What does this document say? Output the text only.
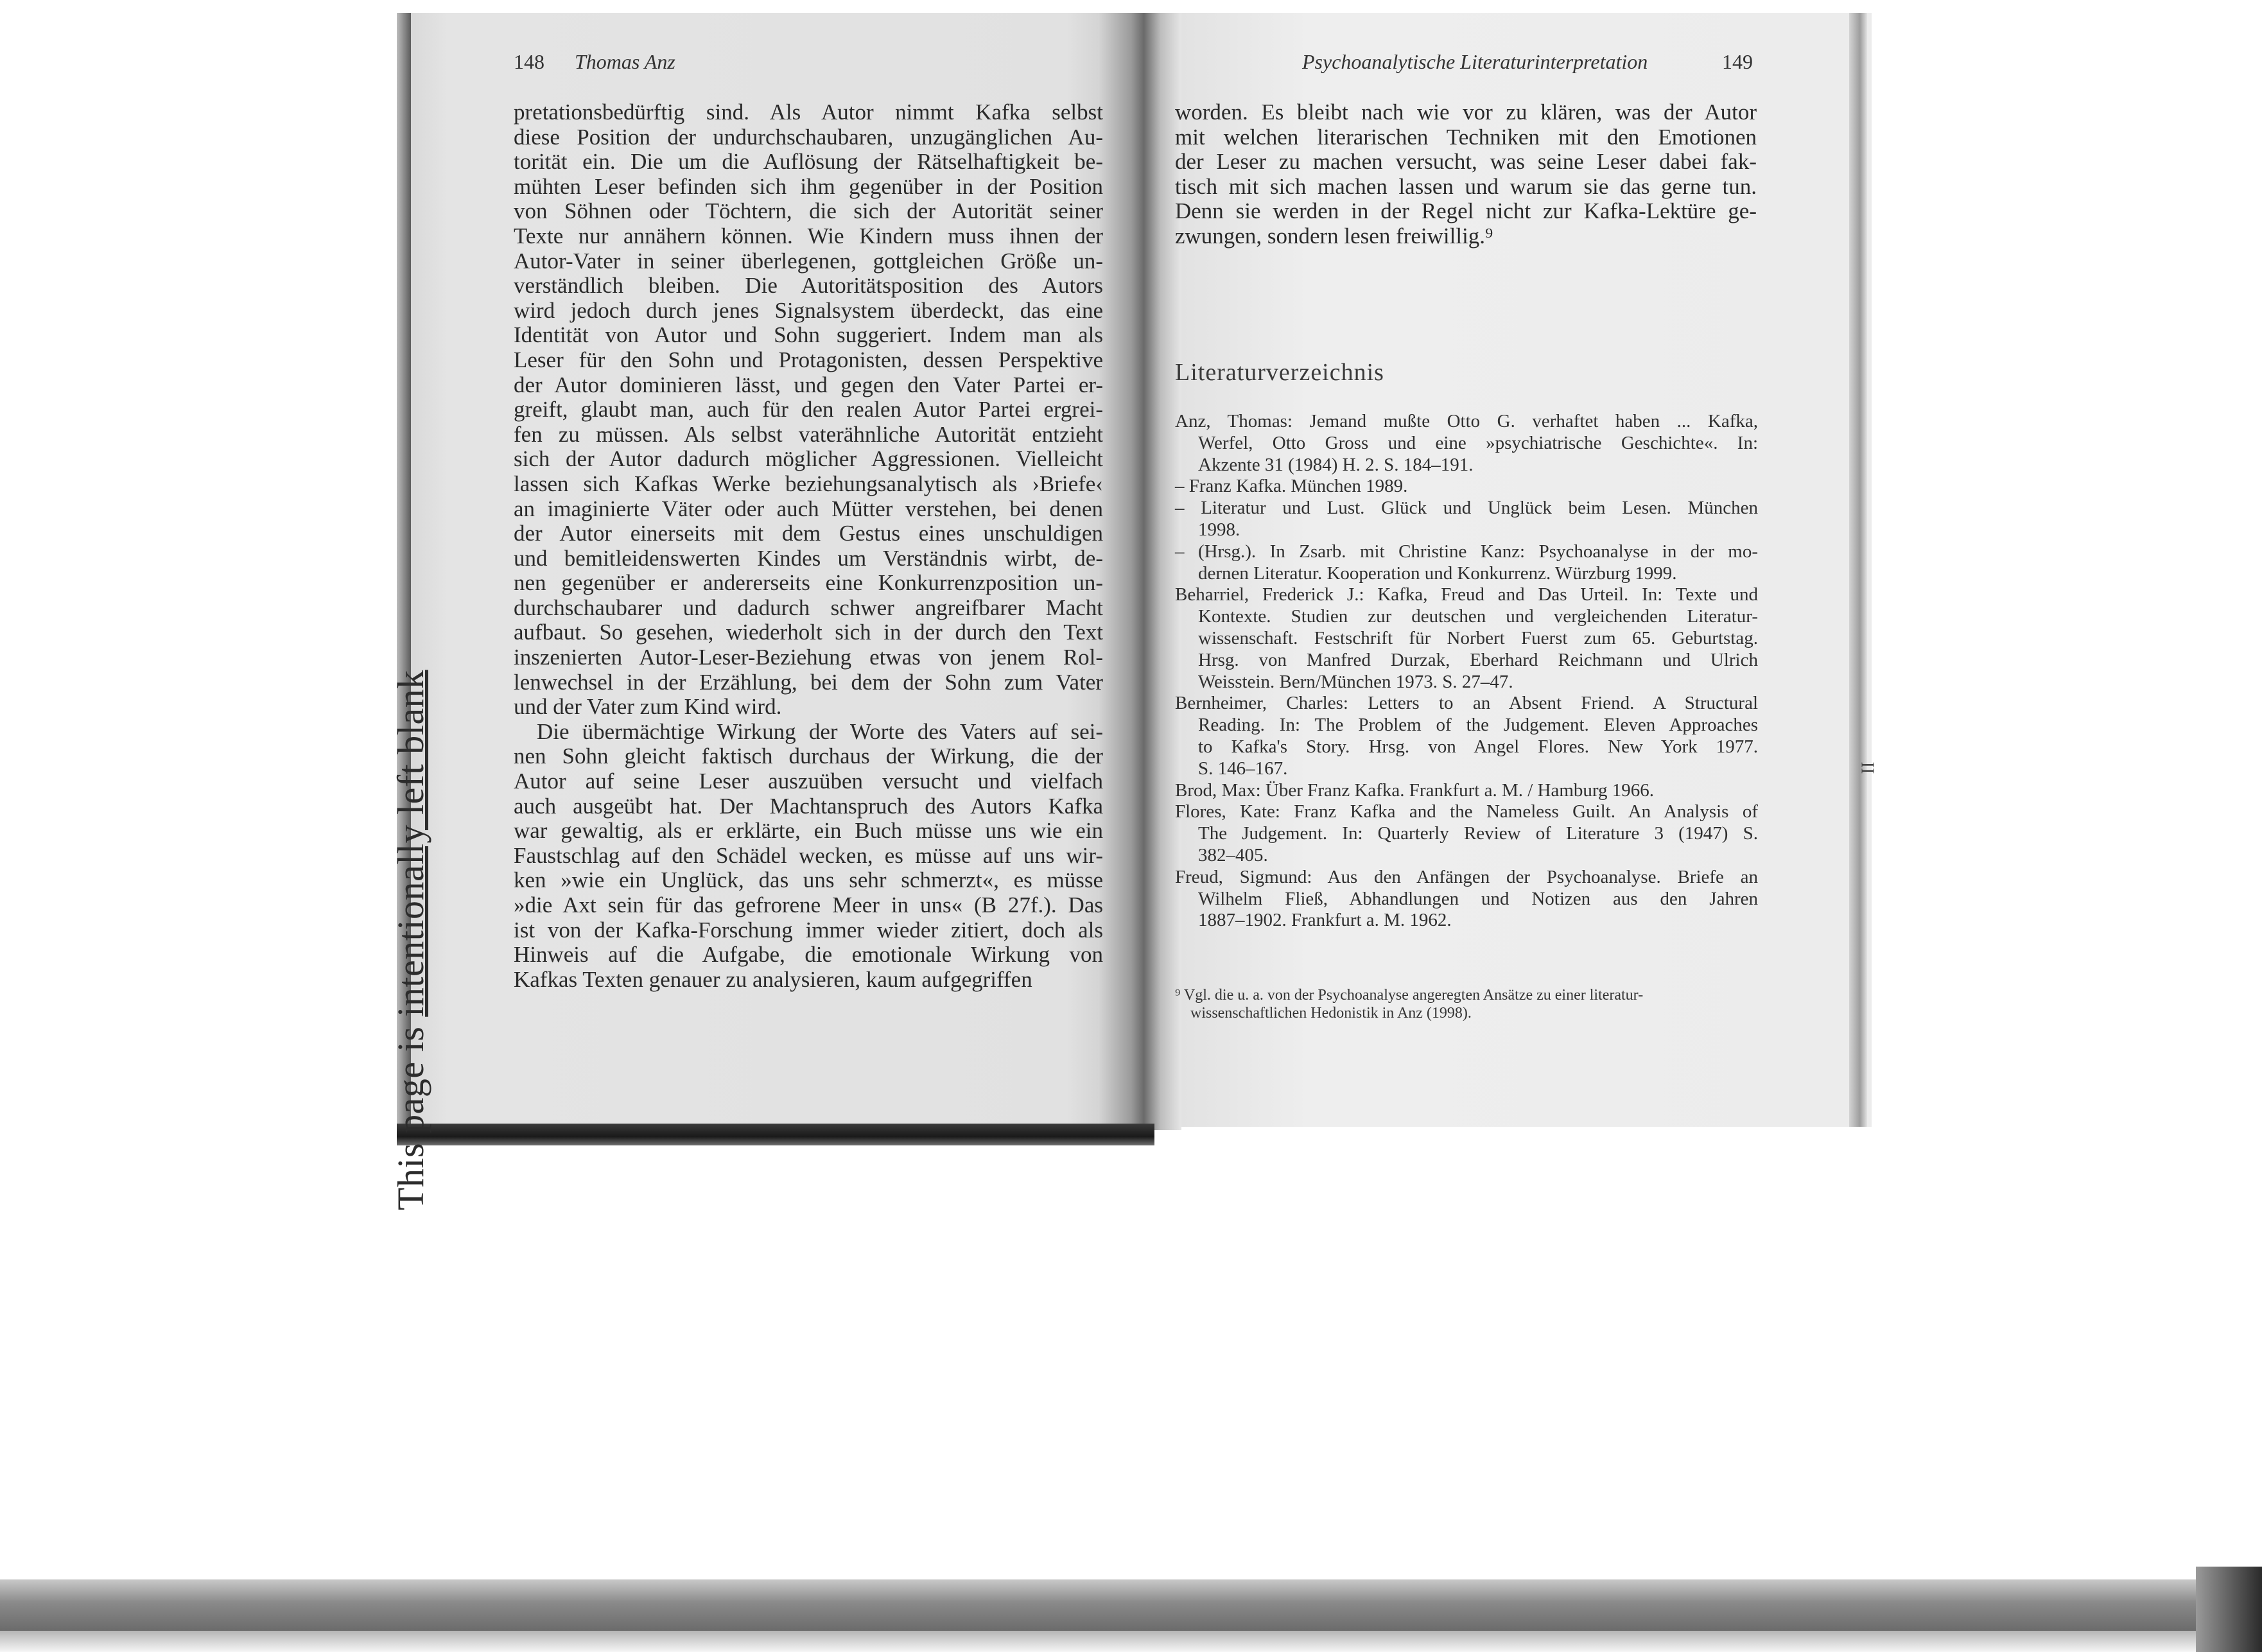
This page is intentionally left blank
148 Thomas Anz	Psychoanalytische Literaturinterpretation	149
pretationsbedürftig sind. Als Autor nimmt Kafka selbst
diese Position der undurchschaubaren, unzugänglichen Au-
torität ein. Die um die Auflösung der Rätselhaftigkeit be-
mühten Leser befinden sich ihm gegenüber in der Position
von Söhnen oder Töchtern, die sich der Autorität seiner
Texte nur annähern können. Wie Kindern muss ihnen der
Autor-Vater in seiner überlegenen, gottgleichen Größe un-
verständlich bleiben. Die Autoritätsposition des Autors
wird jedoch durch jenes Signalsystem überdeckt, das eine
Identität von Autor und Sohn suggeriert. Indem man als
Leser für den Sohn und Protagonisten, dessen Perspektive
der Autor dominieren lässt, und gegen den Vater Partei er-
greift, glaubt man, auch für den realen Autor Partei ergrei-
fen zu müssen. Als selbst vaterähnliche Autorität entzieht
sich der Autor dadurch möglicher Aggressionen. Vielleicht
lassen sich Kafkas Werke beziehungsanalytisch als ›Briefe‹
an imaginierte Väter oder auch Mütter verstehen, bei denen
der Autor einerseits mit dem Gestus eines unschuldigen
und bemitleidenswerten Kindes um Verständnis wirbt, de-
nen gegenüber er andererseits eine Konkurrenzposition un-
durchschaubarer und dadurch schwer angreifbarer Macht
aufbaut. So gesehen, wiederholt sich in der durch den Text
inszenierten Autor-Leser-Beziehung etwas von jenem Rol-
lenwechsel in der Erzählung, bei dem der Sohn zum Vater
und der Vater zum Kind wird.
Die übermächtige Wirkung der Worte des Vaters auf sei-
nen Sohn gleicht faktisch durchaus der Wirkung, die der
Autor auf seine Leser auszuüben versucht und vielfach
auch ausgeübt hat. Der Machtanspruch des Autors Kafka
war gewaltig, als er erklärte, ein Buch müsse uns wie ein
Faustschlag auf den Schädel wecken, es müsse auf uns wir-
ken »wie ein Unglück, das uns sehr schmerzt«, es müsse
»die Axt sein für das gefrorene Meer in uns« (B 27f.). Das
ist von der Kafka-Forschung immer wieder zitiert, doch als
Hinweis auf die Aufgabe, die emotionale Wirkung von
Kafkas Texten genauer zu analysieren, kaum aufgegriffen
worden. Es bleibt nach wie vor zu klären, was der Autor
mit welchen literarischen Techniken mit den Emotionen
der Leser zu machen versucht, was seine Leser dabei fak-
tisch mit sich machen lassen und warum sie das gerne tun.
Denn sie werden in der Regel nicht zur Kafka-Lektüre ge-
zwungen, sondern lesen freiwillig.⁹
Literaturverzeichnis
Anz, Thomas: Jemand mußte Otto G. verhaftet haben ... Kafka,
Werfel, Otto Gross und eine »psychiatrische Geschichte«. In:
Akzente 31 (1984) H. 2. S. 184–191.
– Franz Kafka. München 1989.
– Literatur und Lust. Glück und Unglück beim Lesen. München
1998.
– (Hrsg.). In Zsarb. mit Christine Kanz: Psychoanalyse in der mo-
dernen Literatur. Kooperation und Konkurrenz. Würzburg 1999.
Beharriel, Frederick J.: Kafka, Freud and Das Urteil. In: Texte und
Kontexte. Studien zur deutschen und vergleichenden Literatur-
wissenschaft. Festschrift für Norbert Fuerst zum 65. Geburtstag.
Hrsg. von Manfred Durzak, Eberhard Reichmann und Ulrich
Weisstein. Bern/München 1973. S. 27–47.
Bernheimer, Charles: Letters to an Absent Friend. A Structural
Reading. In: The Problem of the Judgement. Eleven Approaches
to Kafka's Story. Hrsg. von Angel Flores. New York 1977.
S. 146–167.
Brod, Max: Über Franz Kafka. Frankfurt a. M. / Hamburg 1966.
Flores, Kate: Franz Kafka and the Nameless Guilt. An Analysis of
The Judgement. In: Quarterly Review of Literature 3 (1947) S.
382–405.
Freud, Sigmund: Aus den Anfängen der Psychoanalyse. Briefe an
Wilhelm Fließ, Abhandlungen und Notizen aus den Jahren
1887–1902. Frankfurt a. M. 1962.
⁹ Vgl. die u. a. von der Psychoanalyse angeregten Ansätze zu einer literatur-
wissenschaftlichen Hedonistik in Anz (1998).
II
